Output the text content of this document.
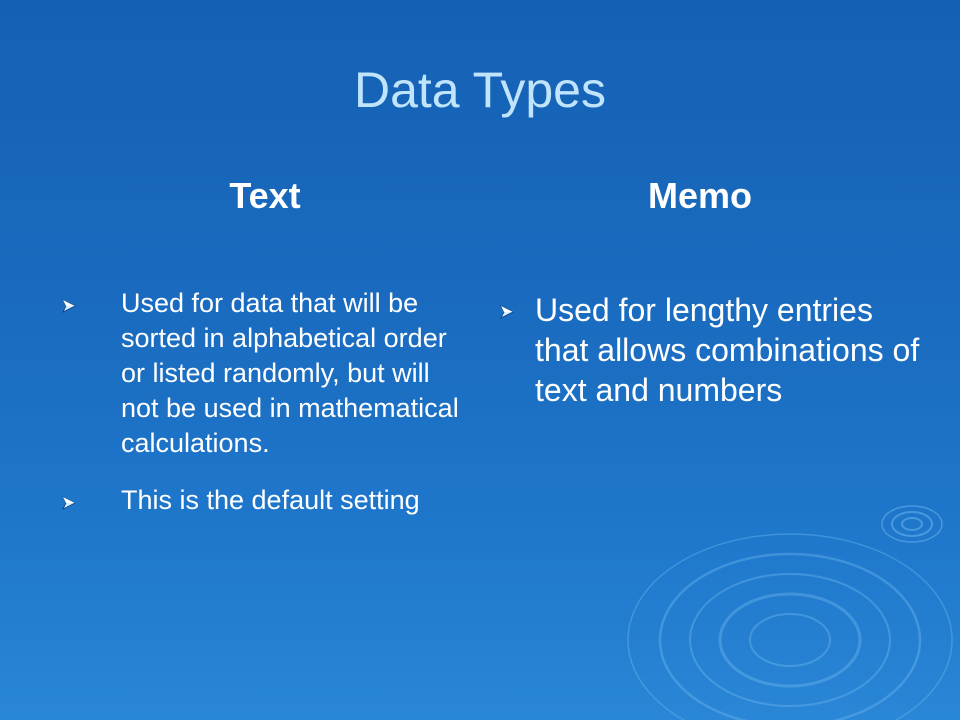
Data Types
Text	Memo
Used for data that will be sorted in alphabetical order or listed randomly, but will not be used in mathematical calculations.
This is the default setting
Used for lengthy entries that allows combinations of text and numbers
